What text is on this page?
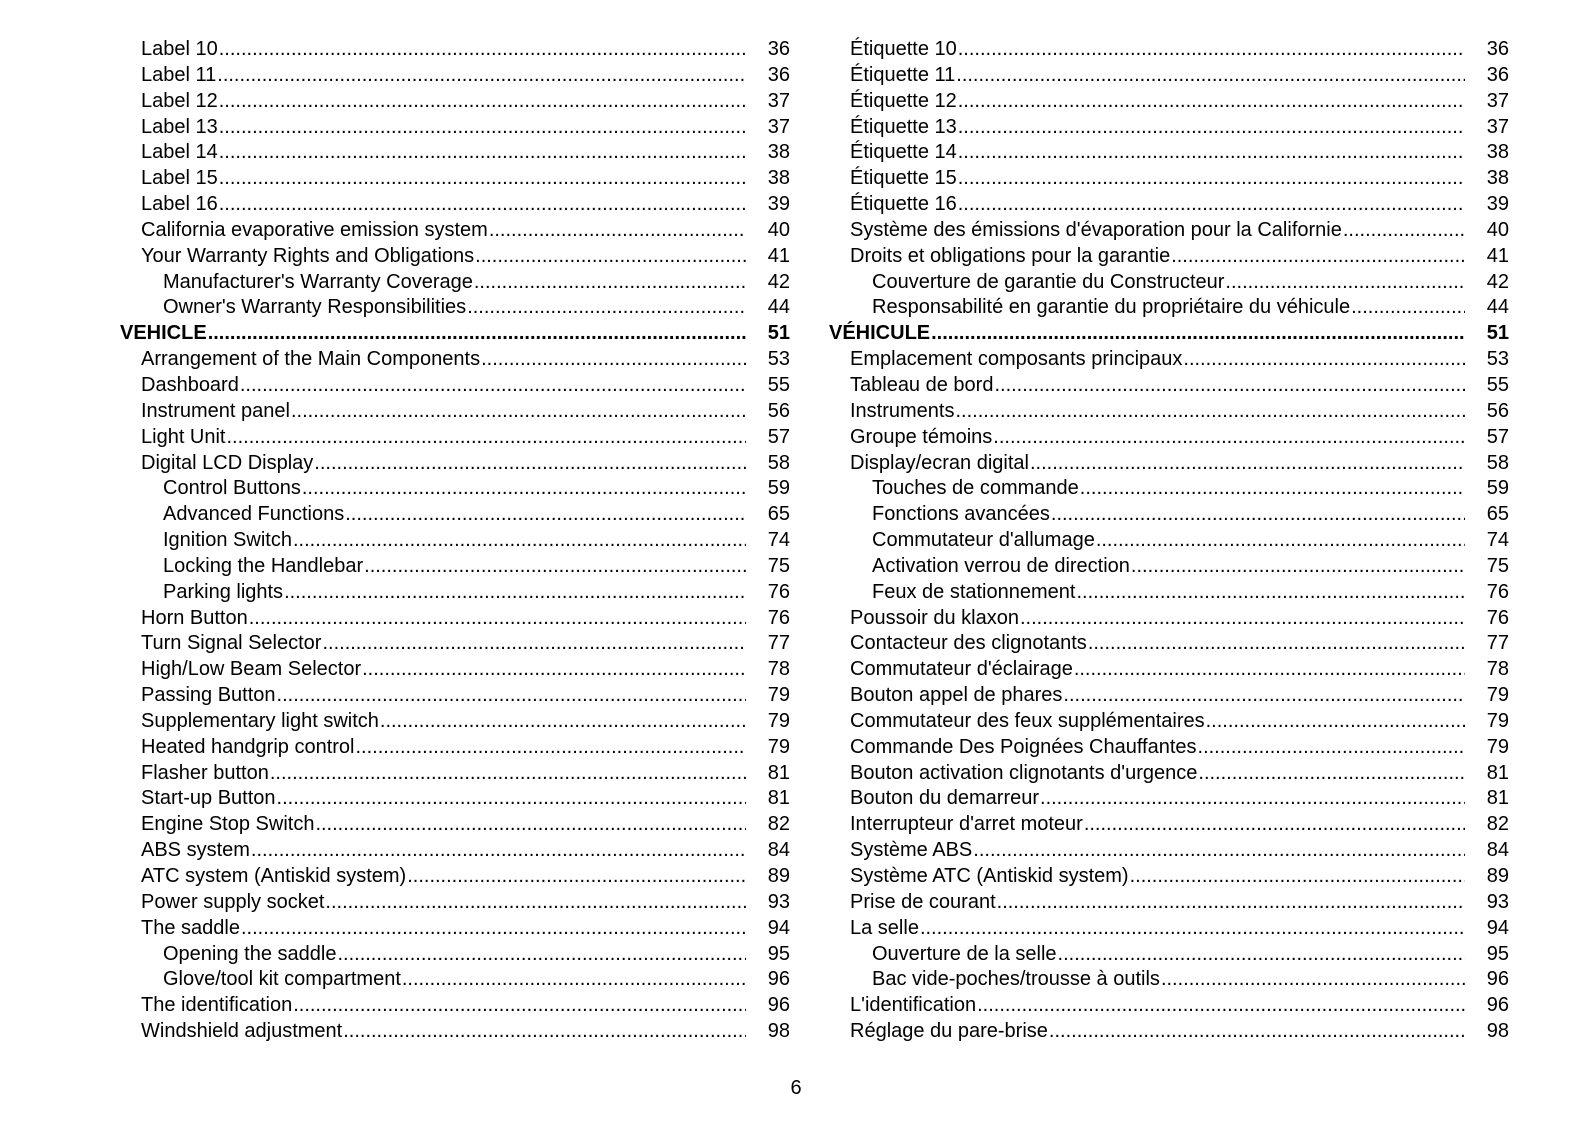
Label 10 .....	36
Label 11 .....	36
Label 12 .....	37
Label 13 .....	37
Label 14 .....	38
Label 15 .....	38
Label 16 .....	39
California evaporative emission system .....	40
Your Warranty Rights and Obligations .....	41
Manufacturer's Warranty Coverage .....	42
Owner's Warranty Responsibilities .....	44
VEHICLE .....	51
Arrangement of the Main Components .....	53
Dashboard .....	55
Instrument panel .....	56
Light Unit .....	57
Digital LCD Display .....	58
Control Buttons .....	59
Advanced Functions .....	65
Ignition Switch .....	74
Locking the Handlebar .....	75
Parking lights .....	76
Horn Button .....	76
Turn Signal Selector .....	77
High/Low Beam Selector .....	78
Passing Button .....	79
Supplementary light switch .....	79
Heated handgrip control .....	79
Flasher button .....	81
Start-up Button .....	81
Engine Stop Switch .....	82
ABS system .....	84
ATC system (Antiskid system) .....	89
Power supply socket .....	93
The saddle .....	94
Opening the saddle .....	95
Glove/tool kit compartment .....	96
The identification .....	96
Windshield adjustment .....	98
Étiquette 10 .....	36
Étiquette 11 .....	36
Étiquette 12 .....	37
Étiquette 13 .....	37
Étiquette 14 .....	38
Étiquette 15 .....	38
Étiquette 16 .....	39
Système des émissions d'évaporation pour la Californie .....	40
Droits et obligations pour la garantie .....	41
Couverture de garantie du Constructeur .....	42
Responsabilité en garantie du propriétaire du véhicule .....	44
VÉHICULE .....	51
Emplacement composants principaux .....	53
Tableau de bord .....	55
Instruments .....	56
Groupe témoins .....	57
Display/ecran digital .....	58
Touches de commande .....	59
Fonctions avancées .....	65
Commutateur d'allumage .....	74
Activation verrou de direction .....	75
Feux de stationnement .....	76
Poussoir du klaxon .....	76
Contacteur des clignotants .....	77
Commutateur d'éclairage .....	78
Bouton appel de phares .....	79
Commutateur des feux supplémentaires .....	79
Commande Des Poignées Chauffantes .....	79
Bouton activation clignotants d'urgence .....	81
Bouton du demarreur .....	81
Interrupteur d'arret moteur .....	82
Système ABS .....	84
Système ATC (Antiskid system) .....	89
Prise de courant .....	93
La selle .....	94
Ouverture de la selle .....	95
Bac vide-poches/trousse à outils .....	96
L'identification .....	96
Réglage du pare-brise .....	98
6
